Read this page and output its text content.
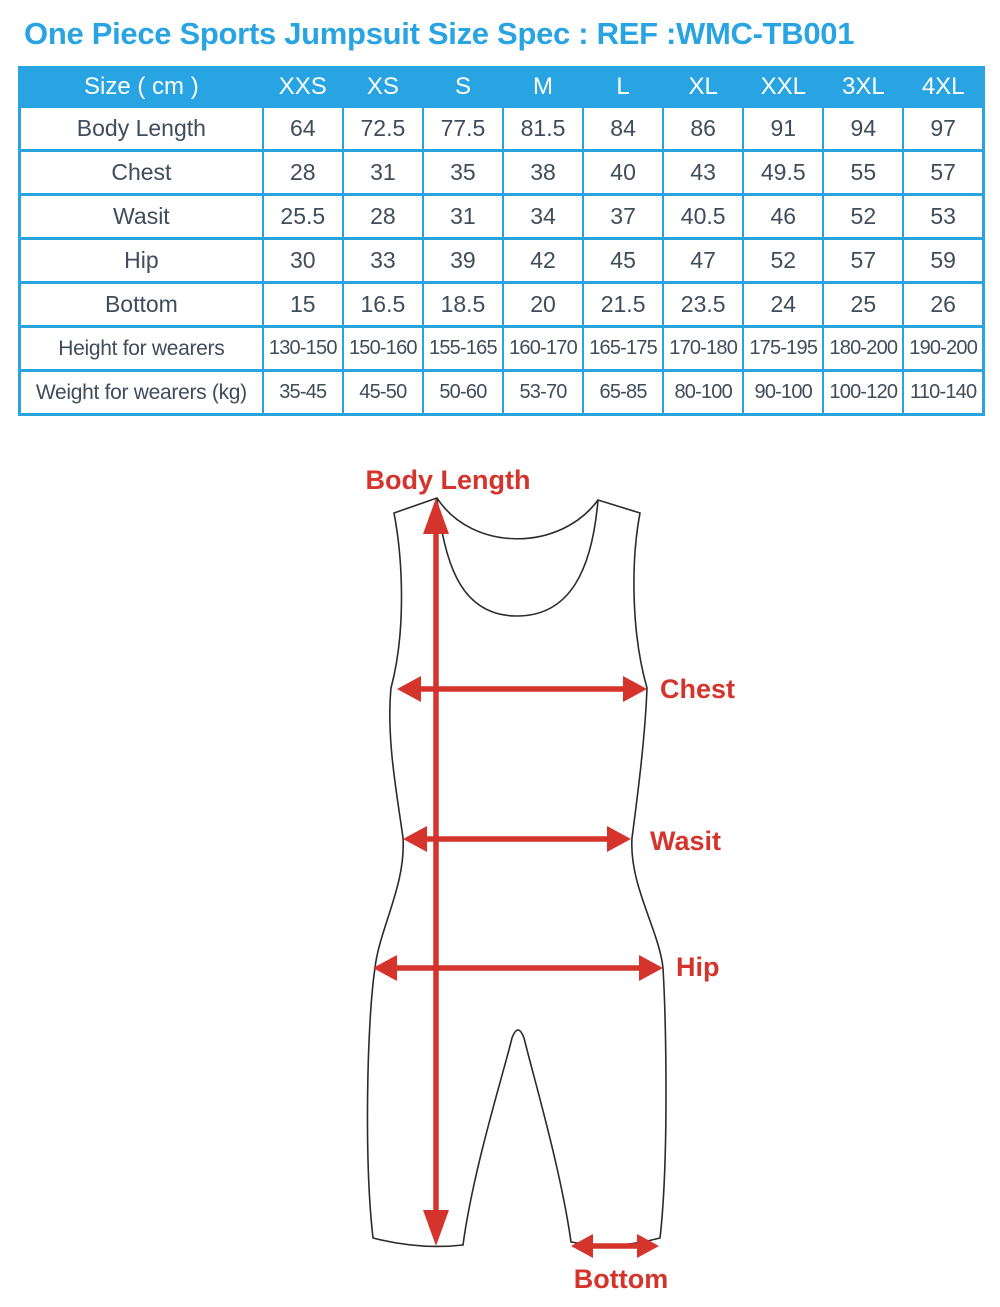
One Piece Sports Jumpsuit Size Spec : REF :WMC-TB001
Size ( cm )	XXS	XS	S	M	L	XL	XXL	3XL	4XL
Body Length	64	72.5	77.5	81.5	84	86	91	94	97
Chest	28	31	35	38	40	43	49.5	55	57
Wasit	25.5	28	31	34	37	40.5	46	52	53
Hip	30	33	39	42	45	47	52	57	59
Bottom	15	16.5	18.5	20	21.5	23.5	24	25	26
Height for wearers	130-150	150-160	155-165	160-170	165-175	170-180	175-195	180-200	190-200
Weight for wearers (kg)	35-45	45-50	50-60	53-70	65-85	80-100	90-100	100-120	110-140
Body Length
Chest
Wasit
Hip
Bottom
